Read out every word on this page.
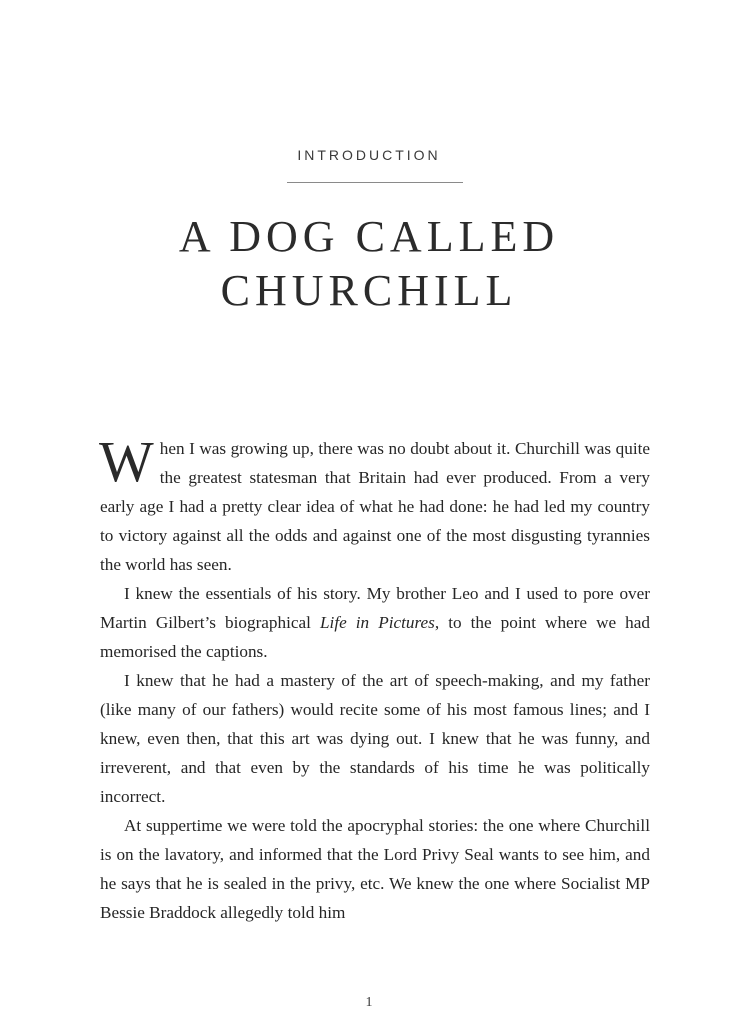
INTRODUCTION
A DOG CALLED
CHURCHILL

When I was growing up, there was no doubt about it. Churchill was quite the greatest statesman that Britain had ever produced. From a very early age I had a pretty clear idea of what he had done: he had led my country to victory against all the odds and against one of the most disgusting tyrannies the world has seen.

I knew the essentials of his story. My brother Leo and I used to pore over Martin Gilbert’s biographical Life in Pictures, to the point where we had memorised the captions.

I knew that he had a mastery of the art of speech-making, and my father (like many of our fathers) would recite some of his most famous lines; and I knew, even then, that this art was dying out. I knew that he was funny, and irreverent, and that even by the standards of his time he was politically incorrect.

At suppertime we were told the apocryphal stories: the one where Churchill is on the lavatory, and informed that the Lord Privy Seal wants to see him, and he says that he is sealed in the privy, etc. We knew the one where Socialist MP Bessie Braddock allegedly told him

1
